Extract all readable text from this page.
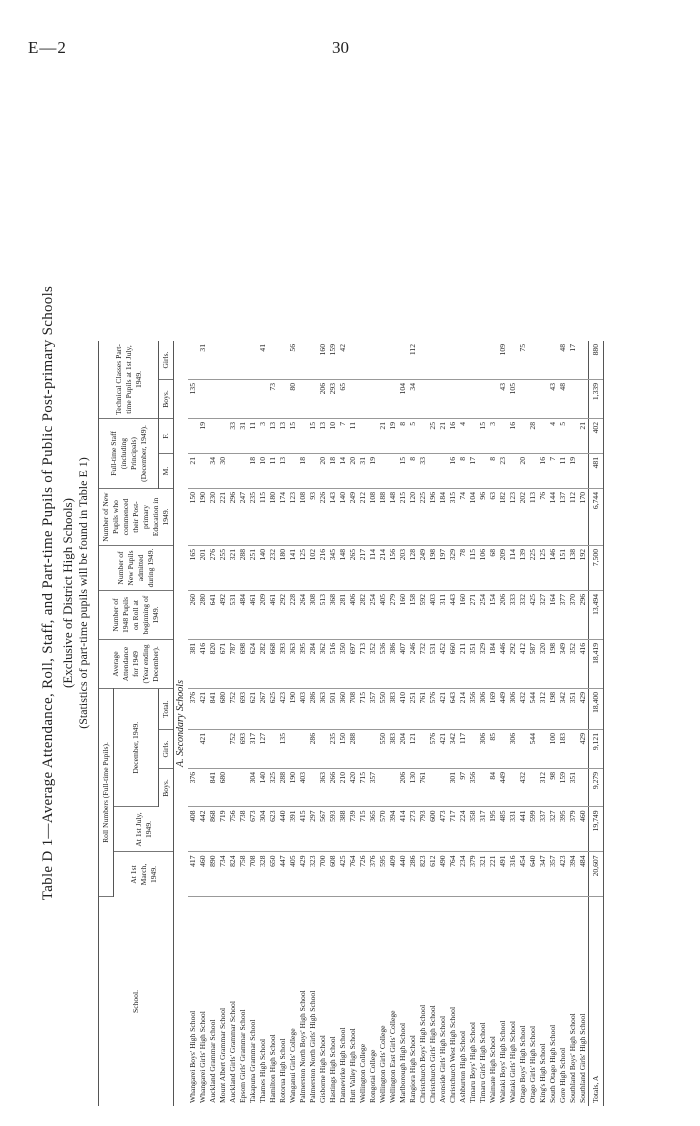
E—2	30
Table D 1—Average Attendance, Roll, Staff, and Part-time Pupils of Public Post-primary Schools (Exclusive of District High Schools) (Statistics of part-time pupils will be found in Table E 1)
School.	Roll Numbers (Full-time Pupils).					Average Attendance for 1949 (Year ending December).	Number of 1948 Pupils on Roll at beginning of 1949.	Number of New Pupils admitted during 1949.	Number of New Pupils who commenced their Post-primary Education in 1949.	Full-time Staff (including Principals) (December, 1949).		Technical Classes Part-time Pupils at 1st July, 1949.	
	At 1st March, 1949.	At 1st July, 1949.	December, 1949.										
			Boys.	Girls.	Total.					M.	F.	Boys.	Girls.
A. Secondary Schools													
Whangarei Boys' High School	417	408	376		376	381	260	165	150	21		135	
Whangarei Girls' High School	460	442		421	421	416	280	201	190		19		31
Auckland Grammar School	890	868	841		841	820	641	276	230	34			
Mount Albert Grammar School	734	719	680		680	671	492	255	221	30			
Auckland Girls' Grammar School	824	756		752	752	787	531	321	296		33		
Epsom Girls' Grammar School	758	738		693	693	698	484	288	247		31		
Takapuna Grammar School	708	673	304	317	621	624	461	251	235	18	11		
Thames High School	328	304	140	127	267	282	209	140	115	10	3		41
Hamilton High School	650	623	325		625	668	461	232	180	11	13	73	
Rotorua High School	447	440	288	135	423	393	292	180	174	13	13		
Wanganui Girls' College	405	391	190		190	363	228	141	123		15	80	56
Palmerston North Boys' High School	429	415	403		403	395	264	125	108	18			
Palmerston North Girls' High School	323	297		286	286	284	308	102	93		15		
Gisborne High School	700	567	363		363	362	513	216	226	20	13	206	160
Hastings High School	608	593	266	235	501	516	368	345	143	18	10	293	159
Dannevirke High School	425	388	210	150	360	350	281	148	140	14	7	65	42
Hutt Valley High School	764	739	420	288	708	697	406	265	249	20	11		
Wellington College	726	715	715		715	713	282	217	212	31			
Rongotai College	376	365	357		357	352	254	114	108	19			
Wellington Girls' College	595	570		550	550	536	405	214	188		21		
Wellington East Girls' College	409	394		383	383	386	279	156	148		19		
Marlborough High School	440	414	206	204	410	407	160	203	215	15	8	104	
Rangiora High School	286	273	130	121	251	246	158	128	120	8	5	34	112
Christchurch Boys' High School	823	793	761		761	732	592	249	225	33			
Christchurch Girls' High School	612	600		576	576	531	403	198	196		25		
Avonside Girls' High School	490	473		421	421	452	311	197	184		21		
Christchurch West High School	764	717	301	342	643	660	443	329	315	16	16		
Ashburton High School	234	224	97	117	214	211	160	78	74	8	4		
Timaru Boys' High School	379	358	356		356	351	271	115	104	17			
Timaru Girls' High School	321	317		306	306	329	254	106	96		15		
Waimate High School	221	195	84	85	169	184	154	68	63	8	3		
Waitaki Boys' High School	491	485	449		449	446	206	209	182	23		43	109
Waitaki Girls' High School	316	331		306	306	292	333	114	123		16	105	
Otago Boys' High School	454	441	432		432	412	332	139	202	20			75
Otago Girls' High School	640	599		544	544	587	425	225	113		28		
King's High School	347	337	312		312	320	327	125	76	16			
South Otago High School	357	327	98	100	198	198	164	146	144	7	4	43	
Gore High School	423	395	159	183	342	349	377	151	137	11	5	48	48
Southland Boys' High School	394	379	351		351	352	370	138	112	19			17
Southland Girls' High School	484	460		429	429	416	296	192	170		21		
Totals, A	20,607	19,749	9,279	9,121	18,400	18,419	13,494	7,500	6,744	481	402	1,339	880
